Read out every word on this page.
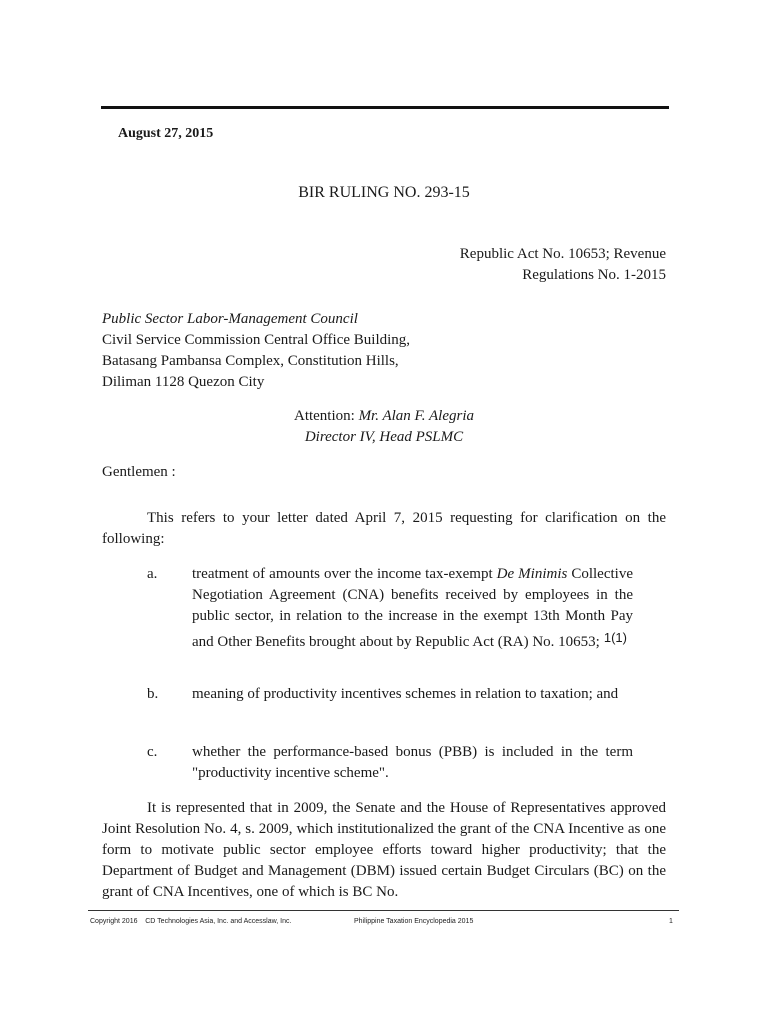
August 27, 2015
BIR RULING NO. 293-15
Republic Act No. 10653; Revenue
Regulations No. 1-2015
Public Sector Labor-Management Council
Civil Service Commission Central Office Building,
Batasang Pambansa Complex, Constitution Hills,
Diliman 1128 Quezon City
Attention: Mr. Alan F. Alegria
Director IV, Head PSLMC
Gentlemen :
This refers to your letter dated April 7, 2015 requesting for clarification on the following:
a. treatment of amounts over the income tax-exempt De Minimis Collective Negotiation Agreement (CNA) benefits received by employees in the public sector, in relation to the increase in the exempt 13th Month Pay and Other Benefits brought about by Republic Act (RA) No. 10653; 1(1)
b. meaning of productivity incentives schemes in relation to taxation; and
c. whether the performance-based bonus (PBB) is included in the term "productivity incentive scheme".
It is represented that in 2009, the Senate and the House of Representatives approved Joint Resolution No. 4, s. 2009, which institutionalized the grant of the CNA Incentive as one form to motivate public sector employee efforts toward higher productivity; that the Department of Budget and Management (DBM) issued certain Budget Circulars (BC) on the grant of CNA Incentives, one of which is BC No.
Copyright 2016    CD Technologies Asia, Inc. and Accesslaw, Inc.	Philippine Taxation Encyclopedia 2015	1
